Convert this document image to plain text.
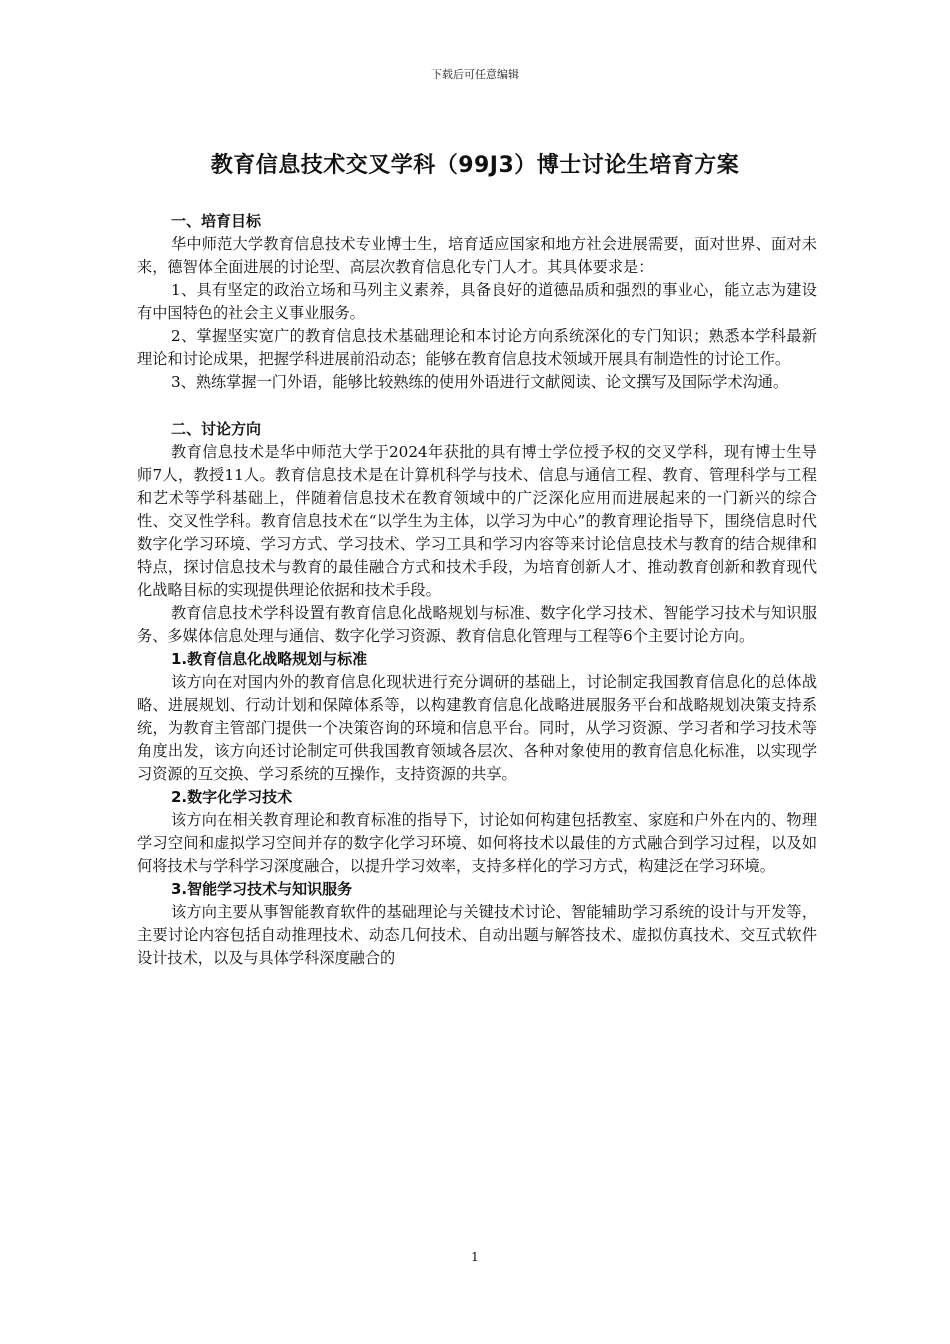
下载后可任意编辑
教育信息技术交叉学科（99J3）博士讨论生培育方案
一、培育目标

华中师范大学教育信息技术专业博士生，培育适应国家和地方社会进展需要，面对世界、面对未来，德智体全面进展的讨论型、高层次教育信息化专门人才。其具体要求是：

1、具有坚定的政治立场和马列主义素养，具备良好的道德品质和强烈的事业心，能立志为建设有中国特色的社会主义事业服务。

2、掌握坚实宽广的教育信息技术基础理论和本讨论方向系统深化的专门知识；熟悉本学科最新理论和讨论成果，把握学科进展前沿动态；能够在教育信息技术领域开展具有制造性的讨论工作。

3、熟练掌握一门外语，能够比较熟练的使用外语进行文献阅读、论文撰写及国际学术沟通。

二、讨论方向

教育信息技术是华中师范大学于2024年获批的具有博士学位授予权的交叉学科，现有博士生导师7人，教授11人。教育信息技术是在计算机科学与技术、信息与通信工程、教育、管理科学与工程和艺术等学科基础上，伴随着信息技术在教育领域中的广泛深化应用而进展起来的一门新兴的综合性、交叉性学科。教育信息技术在“以学生为主体，以学习为中心”的教育理论指导下，围绕信息时代数字化学习环境、学习方式、学习技术、学习工具和学习内容等来讨论信息技术与教育的结合规律和特点，探讨信息技术与教育的最佳融合方式和技术手段，为培育创新人才、推动教育创新和教育现代化战略目标的实现提供理论依据和技术手段。

教育信息技术学科设置有教育信息化战略规划与标准、数字化学习技术、智能学习技术与知识服务、多媒体信息处理与通信、数字化学习资源、教育信息化管理与工程等6个主要讨论方向。

1.教育信息化战略规划与标准

该方向在对国内外的教育信息化现状进行充分调研的基础上，讨论制定我国教育信息化的总体战略、进展规划、行动计划和保障体系等，以构建教育信息化战略进展服务平台和战略规划决策支持系统，为教育主管部门提供一个决策咨询的环境和信息平台。同时，从学习资源、学习者和学习技术等角度出发，该方向还讨论制定可供我国教育领域各层次、各种对象使用的教育信息化标准，以实现学习资源的互交换、学习系统的互操作，支持资源的共享。

2.数字化学习技术

该方向在相关教育理论和教育标准的指导下，讨论如何构建包括教室、家庭和户外在内的、物理学习空间和虚拟学习空间并存的数字化学习环境、如何将技术以最佳的方式融合到学习过程，以及如何将技术与学科学习深度融合，以提升学习效率，支持多样化的学习方式，构建泛在学习环境。

3.智能学习技术与知识服务

该方向主要从事智能教育软件的基础理论与关键技术讨论、智能辅助学习系统的设计与开发等，主要讨论内容包括自动推理技术、动态几何技术、自动出题与解答技术、虚拟仿真技术、交互式软件设计技术，以及与具体学科深度融合的

1
